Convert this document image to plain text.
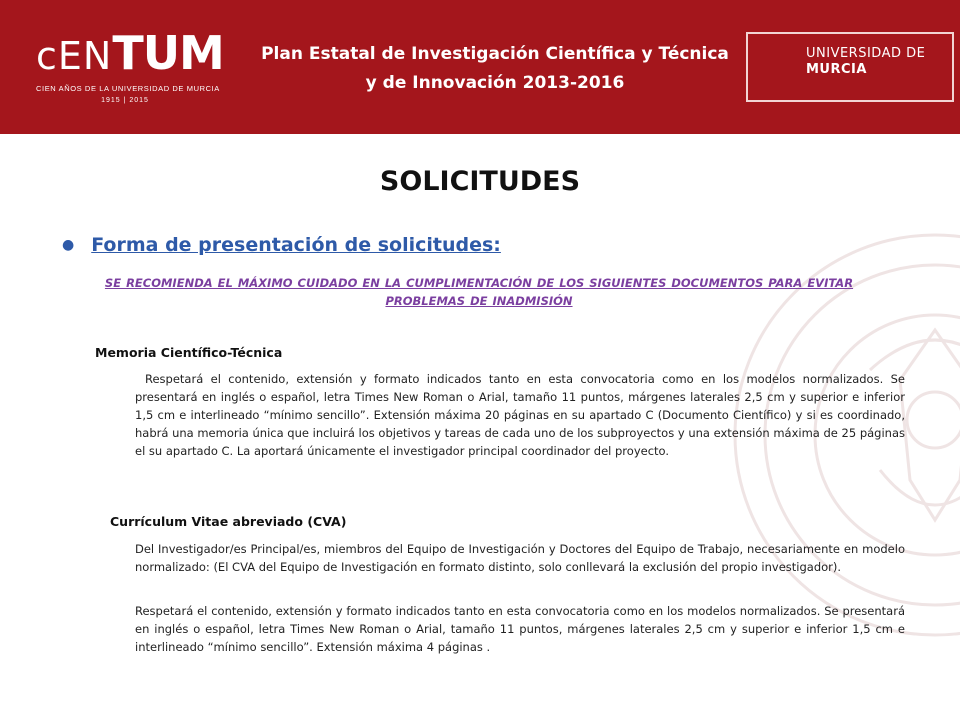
cENTUM
CIEN AÑOS DE LA UNIVERSIDAD DE MURCIA
1915 | 2015
Plan Estatal de Investigación Científica y Técnica
y de Innovación 2013-2016
UNIVERSIDAD DE
MURCIA
SOLICITUDES
● Forma de presentación de solicitudes:
SE RECOMIENDA EL MÁXIMO CUIDADO EN LA CUMPLIMENTACIÓN DE LOS SIGUIENTES DOCUMENTOS PARA EVITAR
PROBLEMAS DE INADMISIÓN
Memoria Científico-Técnica
Respetará el contenido, extensión y formato indicados tanto en esta convocatoria como en los modelos normalizados. Se presentará en inglés o español, letra Times New Roman o Arial, tamaño 11 puntos, márgenes laterales 2,5 cm y superior e inferior 1,5 cm e interlineado “mínimo sencillo”. Extensión máxima 20 páginas en su apartado C (Documento Científico) y si es coordinado, habrá una memoria única que incluirá los objetivos y tareas de cada uno de los subproyectos y una extensión máxima de 25 páginas el su apartado C. La aportará únicamente el investigador principal coordinador del proyecto.
Currículum Vitae abreviado (CVA)
Del Investigador/es Principal/es, miembros del Equipo de Investigación y Doctores del Equipo de Trabajo, necesariamente en modelo normalizado: (El CVA del Equipo de Investigación en formato distinto, solo conllevará la exclusión del propio investigador).
Respetará el contenido, extensión y formato indicados tanto en esta convocatoria como en los modelos normalizados. Se presentará en inglés o español, letra Times New Roman o Arial, tamaño 11 puntos, márgenes laterales 2,5 cm y superior e inferior 1,5 cm e interlineado “mínimo sencillo”. Extensión máxima 4 páginas .
